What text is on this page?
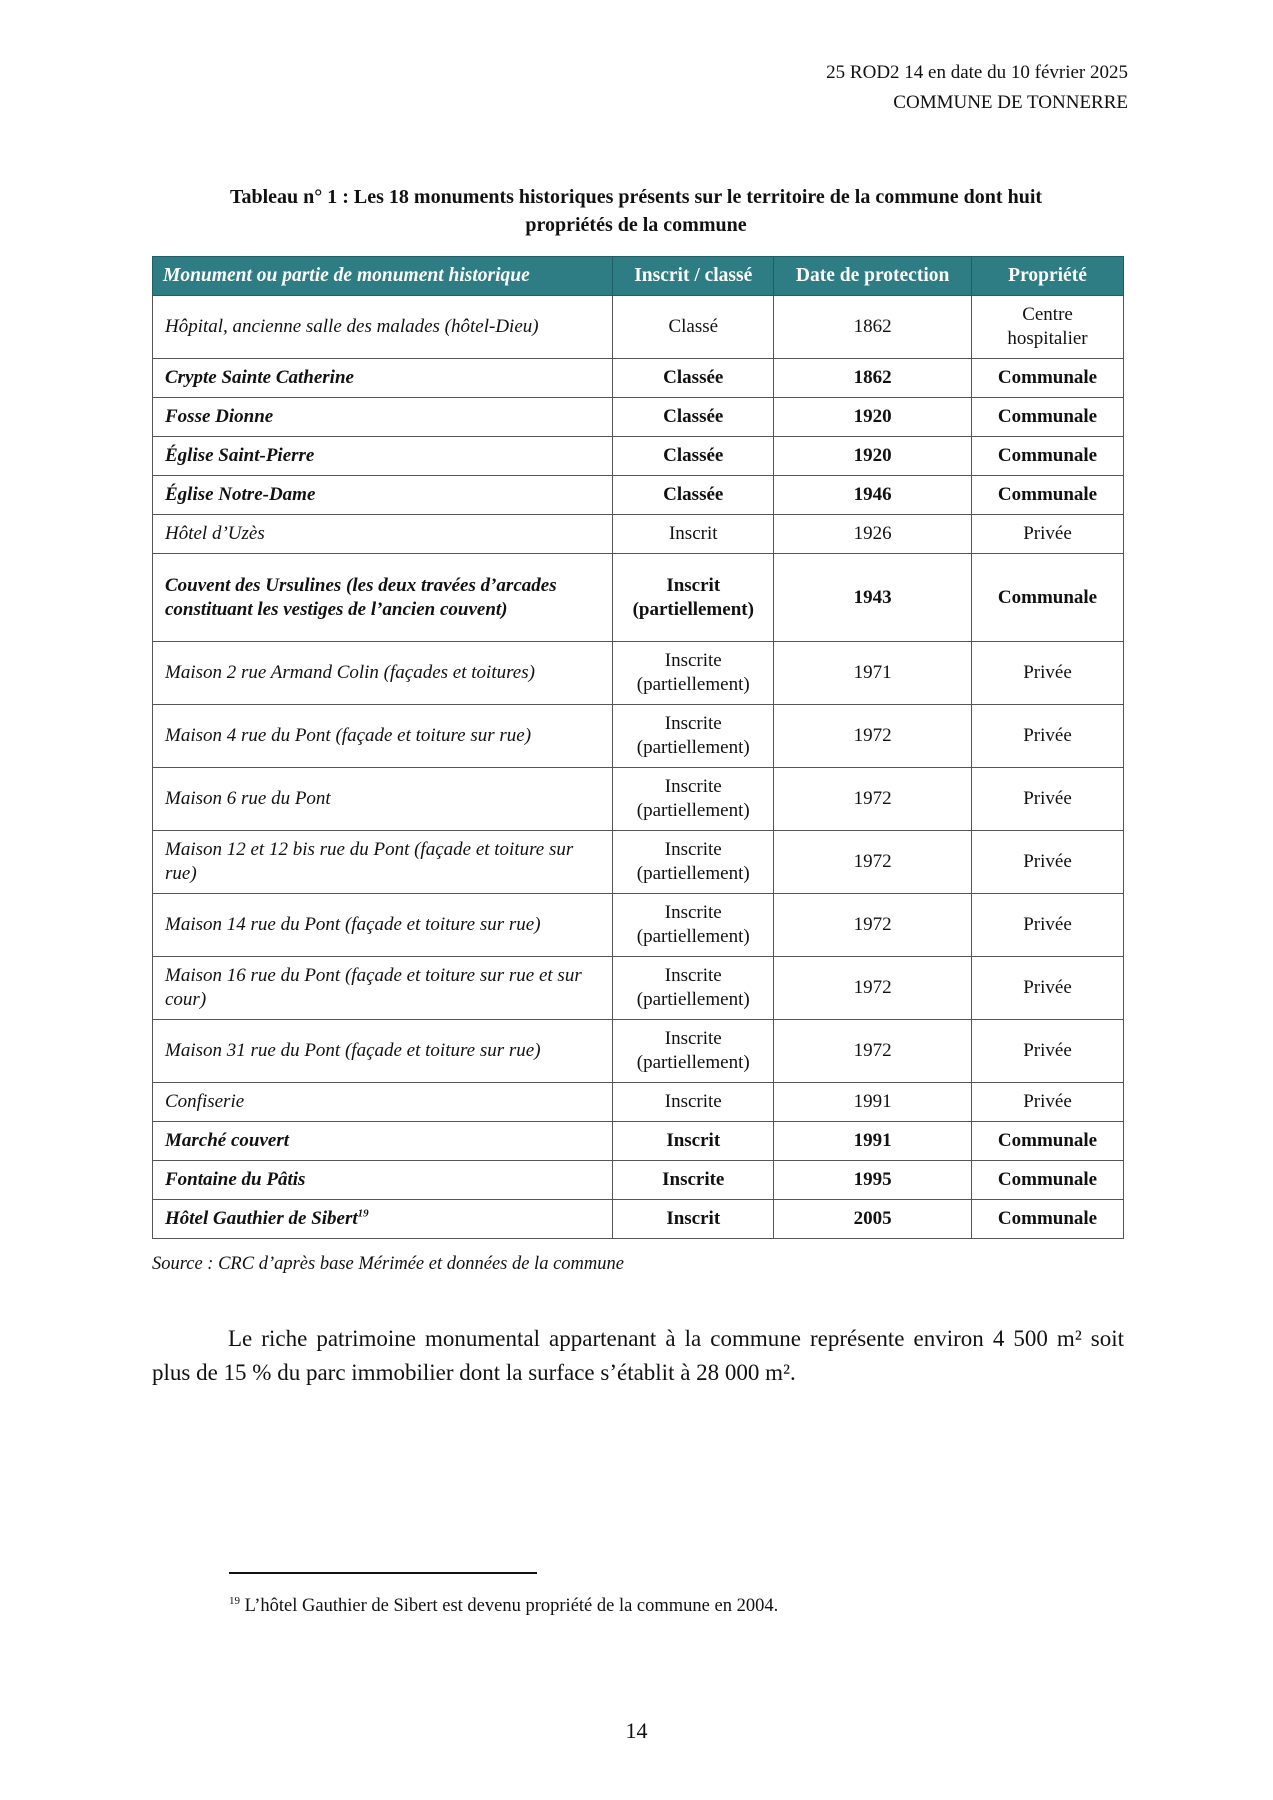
25 ROD2 14 en date du 10 février 2025
COMMUNE DE TONNERRE
Tableau n° 1 : Les 18 monuments historiques présents sur le territoire de la commune dont huit
propriétés de la commune
Monument ou partie de monument historique	Inscrit / classé	Date de protection	Propriété
Hôpital, ancienne salle des malades (hôtel-Dieu)	Classé	1862	Centre hospitalier
Crypte Sainte Catherine	Classée	1862	Communale
Fosse Dionne	Classée	1920	Communale
Église Saint-Pierre	Classée	1920	Communale
Église Notre-Dame	Classée	1946	Communale
Hôtel d’Uzès	Inscrit	1926	Privée
Couvent des Ursulines (les deux travées d’arcades constituant les vestiges de l’ancien couvent)	Inscrit (partiellement)	1943	Communale
Maison 2 rue Armand Colin (façades et toitures)	Inscrite (partiellement)	1971	Privée
Maison 4 rue du Pont (façade et toiture sur rue)	Inscrite (partiellement)	1972	Privée
Maison 6 rue du Pont	Inscrite (partiellement)	1972	Privée
Maison 12 et 12 bis rue du Pont (façade et toiture sur rue)	Inscrite (partiellement)	1972	Privée
Maison 14 rue du Pont (façade et toiture sur rue)	Inscrite (partiellement)	1972	Privée
Maison 16 rue du Pont (façade et toiture sur rue et sur cour)	Inscrite (partiellement)	1972	Privée
Maison 31 rue du Pont (façade et toiture sur rue)	Inscrite (partiellement)	1972	Privée
Confiserie	Inscrite	1991	Privée
Marché couvert	Inscrit	1991	Communale
Fontaine du Pâtis	Inscrite	1995	Communale
Hôtel Gauthier de Sibert$^{19}$	Inscrit	2005	Communale
Source : CRC d’après base Mérimée et données de la commune
Le riche patrimoine monumental appartenant à la commune représente environ 4 500 m² soit plus de 15 % du parc immobilier dont la surface s’établit à 28 000 m².
$^{19}$ L’hôtel Gauthier de Sibert est devenu propriété de la commune en 2004.
14
